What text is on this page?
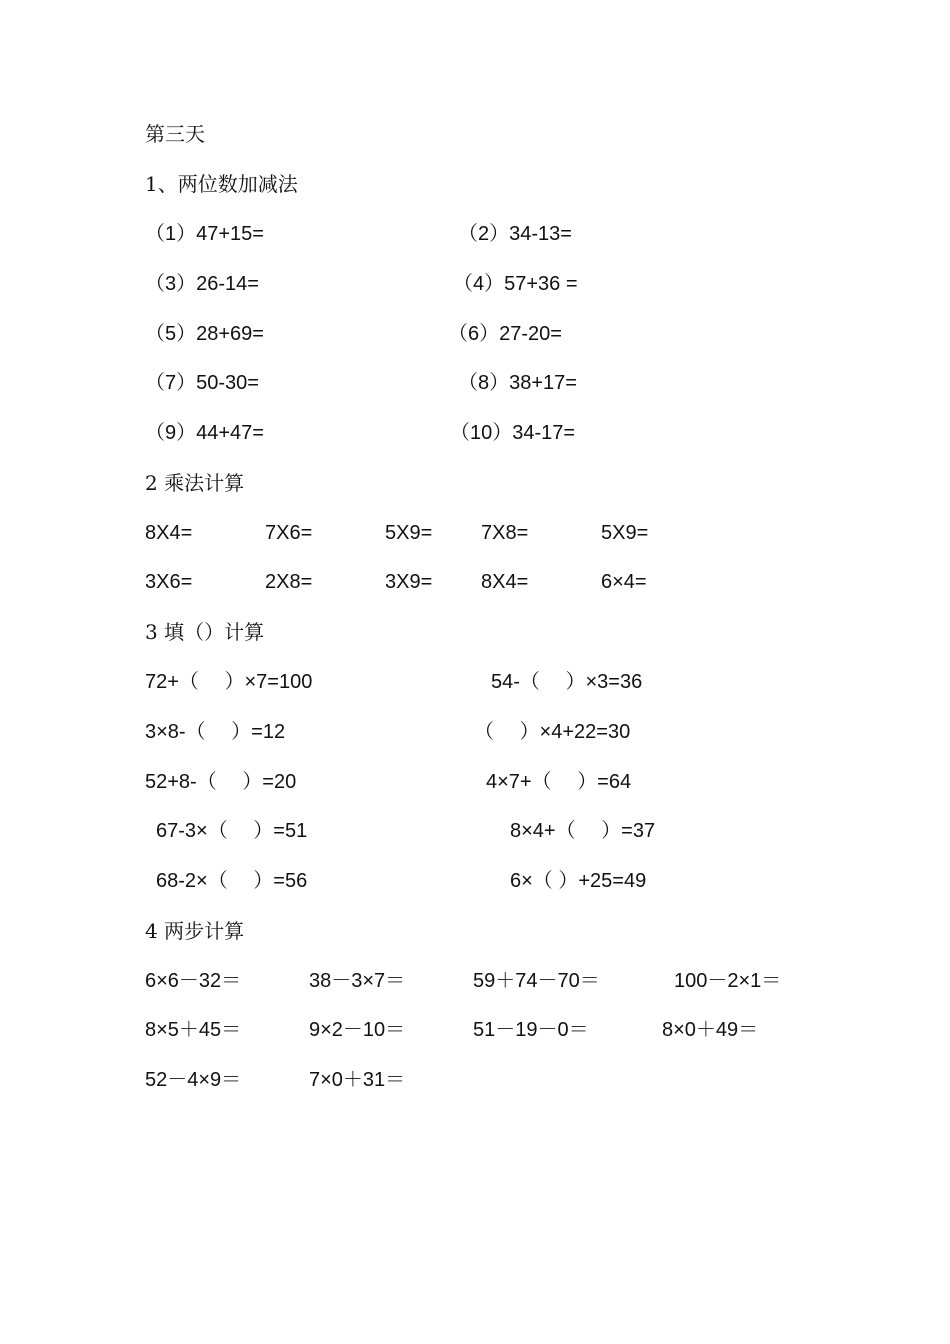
第三天
1、两位数加减法
（1）47+15=	（2）34-13=
（3）26-14=	（4）57+36 =
（5）28+69=	（6）27-20=
（7）50-30=	（8）38+17=
（9）44+47=	（10）34-17=
2 乘法计算
8X4=	7X6=	5X9= 7X8=	5X9=
3X6=	2X8=	3X9= 8X4=	6×4=
3 填（）计算
72+（　 ）×7=100	54-（　 ）×3=36
3×8-（　 ）=12	（　 ）×4+22=30
52+8-（　 ）=20	4×7+（　 ）=64
67-3×（　 ）=51	8×4+（　 ）=37
68-2×（　 ）=56	6×（ ）+25=49
4 两步计算
6×6－32＝	38－3×7＝	59＋74－70＝	100－2×1＝
8×5＋45＝	9×2－10＝	51－19－0＝	8×0＋49＝
52－4×9＝	7×0＋31＝
